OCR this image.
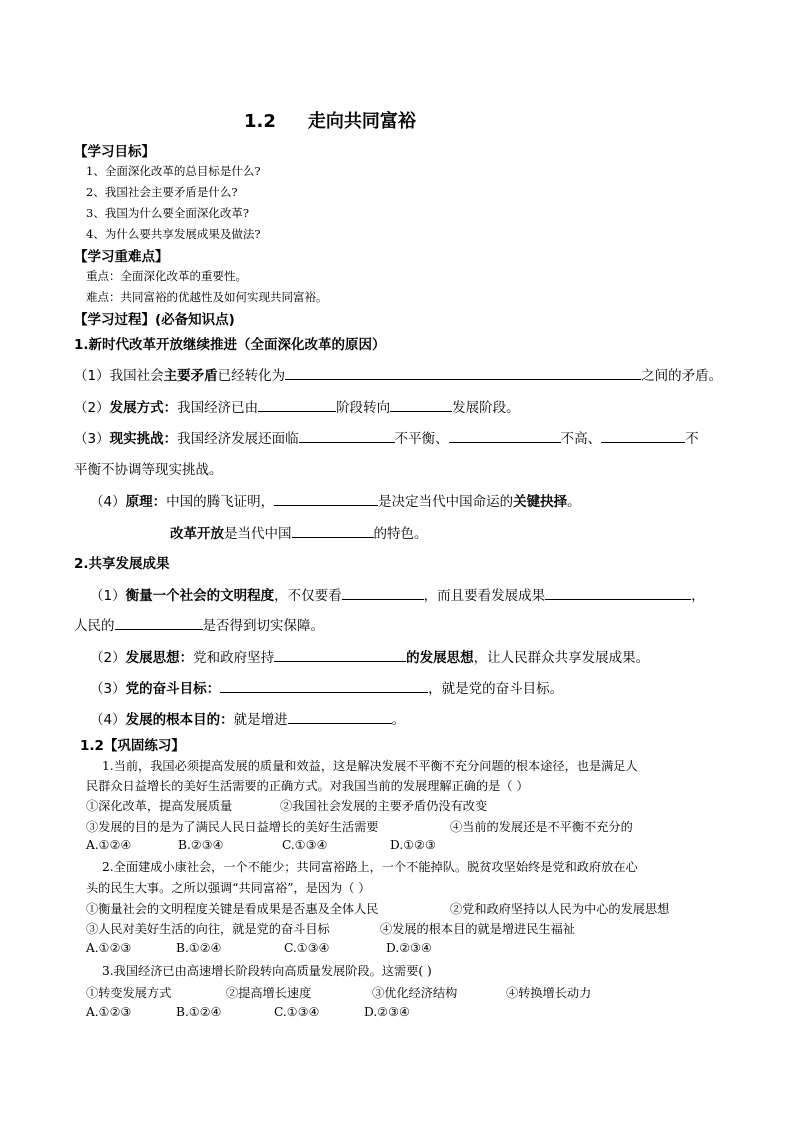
1.2 走向共同富裕
【学习目标】
1、全面深化改革的总目标是什么?
2、我国社会主要矛盾是什么?
3、我国为什么要全面深化改革?
4、为什么要共享发展成果及做法?
【学习重难点】
重点：全面深化改革的重要性。
难点：共同富裕的优越性及如何实现共同富裕。
【学习过程】(必备知识点)
1.新时代改革开放继续推进（全面深化改革的原因）
（1）我国社会主要矛盾已经转化为	之间的矛盾。
（2）发展方式：我国经济已由	阶段转向	发展阶段。
（3）现实挑战：我国经济发展还面临	不平衡、	不高、	不
平衡不协调等现实挑战。
（4）原理：中国的腾飞证明，	是决定当代中国命运的关键抉择。
改革开放是当代中国	的特色。
2.共享发展成果
（1）衡量一个社会的文明程度，不仅要看	，而且要看发展成果	，
人民的	是否得到切实保障。
（2）发展思想：党和政府坚持	的发展思想，让人民群众共享发展成果。
（3）党的奋斗目标：	，就是党的奋斗目标。
（4）发展的根本目的：就是增进	。
1.2【巩固练习】
1.当前，我国必须提高发展的质量和效益，这是解决发展不平衡不充分问题的根本途径，也是满足人
民群众日益增长的美好生活需要的正确方式。对我国当前的发展理解正确的是（ ）
①深化改革，提高发展质量	②我国社会发展的主要矛盾仍没有改变
③发展的目的是为了满民人民日益增长的美好生活需要	④当前的发展还是不平衡不充分的
A.①②④	B.②③④	C.①③④	D.①②③
2.全面建成小康社会，一个不能少；共同富裕路上，一个不能掉队。脱贫攻坚始终是党和政府放在心
头的民生大事。之所以强调“共同富裕”，是因为（ ）
①衡量社会的文明程度关键是看成果是否惠及全体人民	②党和政府坚持以人民为中心的发展思想
③人民对美好生活的向往，就是党的奋斗目标	④发展的根本目的就是增进民生福祉
A.①②③	B.①②④	C.①③④	D.②③④
3.我国经济已由高速增长阶段转向高质量发展阶段。这需要( )
①转变发展方式	②提高增长速度	③优化经济结构	④转换增长动力
A.①②③	B.①②④	C.①③④	D.②③④
